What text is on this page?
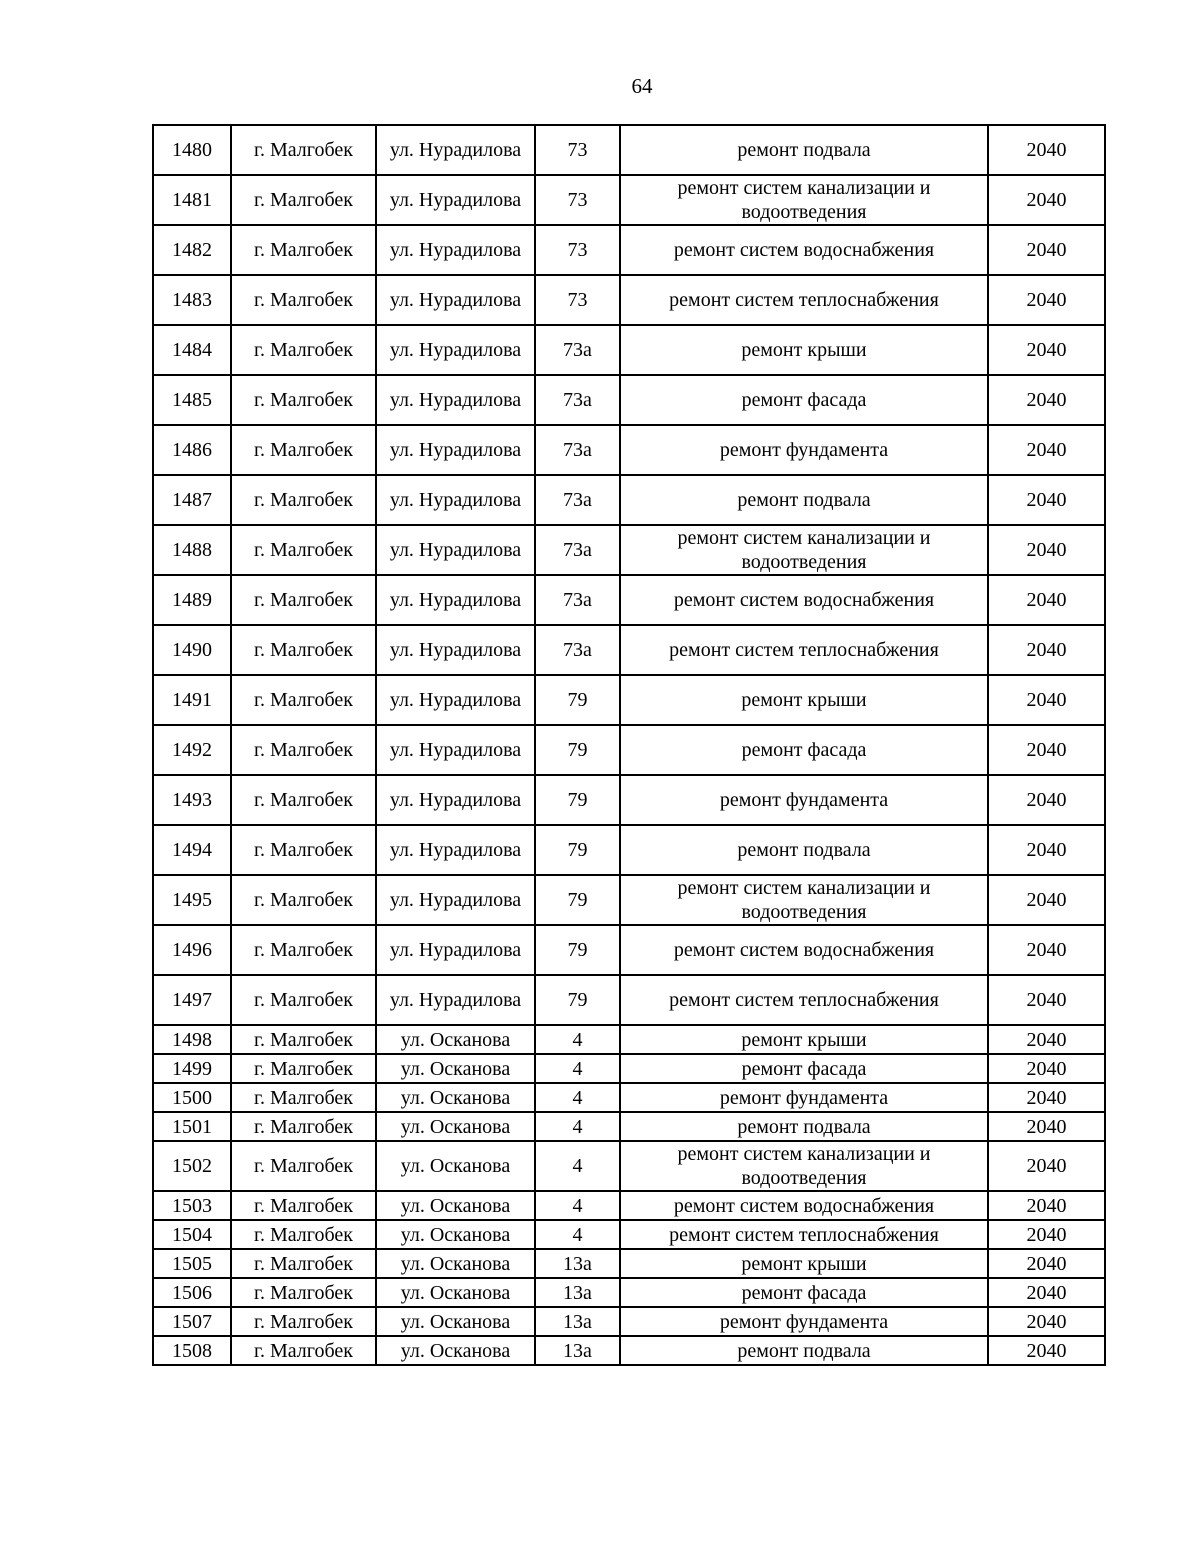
64
1480	г. Малгобек	ул. Нурадилова	73	ремонт подвала	2040
1481	г. Малгобек	ул. Нурадилова	73	ремонт систем канализации и водоотведения	2040
1482	г. Малгобек	ул. Нурадилова	73	ремонт систем водоснабжения	2040
1483	г. Малгобек	ул. Нурадилова	73	ремонт систем теплоснабжения	2040
1484	г. Малгобек	ул. Нурадилова	73а	ремонт крыши	2040
1485	г. Малгобек	ул. Нурадилова	73а	ремонт фасада	2040
1486	г. Малгобек	ул. Нурадилова	73а	ремонт фундамента	2040
1487	г. Малгобек	ул. Нурадилова	73а	ремонт подвала	2040
1488	г. Малгобек	ул. Нурадилова	73а	ремонт систем канализации и водоотведения	2040
1489	г. Малгобек	ул. Нурадилова	73а	ремонт систем водоснабжения	2040
1490	г. Малгобек	ул. Нурадилова	73а	ремонт систем теплоснабжения	2040
1491	г. Малгобек	ул. Нурадилова	79	ремонт крыши	2040
1492	г. Малгобек	ул. Нурадилова	79	ремонт фасада	2040
1493	г. Малгобек	ул. Нурадилова	79	ремонт фундамента	2040
1494	г. Малгобек	ул. Нурадилова	79	ремонт подвала	2040
1495	г. Малгобек	ул. Нурадилова	79	ремонт систем канализации и водоотведения	2040
1496	г. Малгобек	ул. Нурадилова	79	ремонт систем водоснабжения	2040
1497	г. Малгобек	ул. Нурадилова	79	ремонт систем теплоснабжения	2040
1498	г. Малгобек	ул. Осканова	4	ремонт крыши	2040
1499	г. Малгобек	ул. Осканова	4	ремонт фасада	2040
1500	г. Малгобек	ул. Осканова	4	ремонт фундамента	2040
1501	г. Малгобек	ул. Осканова	4	ремонт подвала	2040
1502	г. Малгобек	ул. Осканова	4	ремонт систем канализации и водоотведения	2040
1503	г. Малгобек	ул. Осканова	4	ремонт систем водоснабжения	2040
1504	г. Малгобек	ул. Осканова	4	ремонт систем теплоснабжения	2040
1505	г. Малгобек	ул. Осканова	13а	ремонт крыши	2040
1506	г. Малгобек	ул. Осканова	13а	ремонт фасада	2040
1507	г. Малгобек	ул. Осканова	13а	ремонт фундамента	2040
1508	г. Малгобек	ул. Осканова	13а	ремонт подвала	2040
